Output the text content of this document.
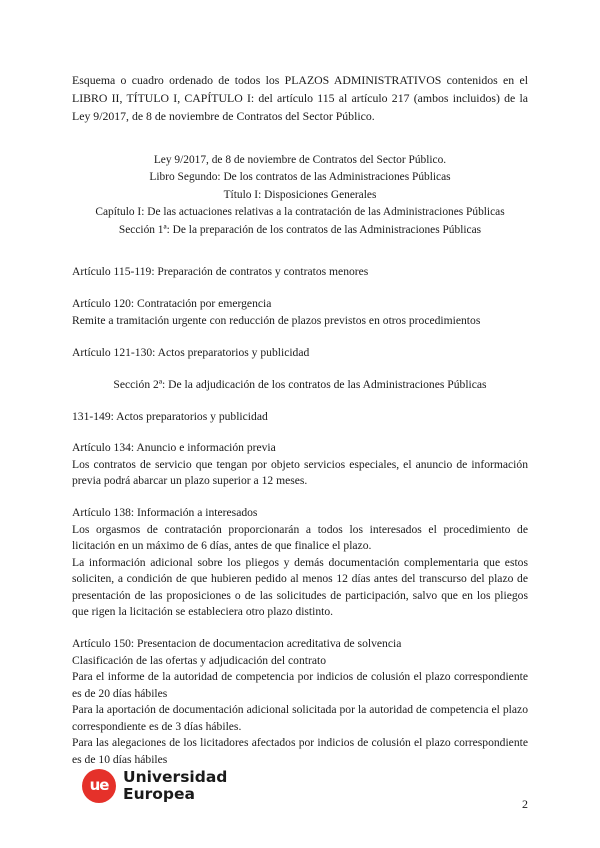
Esquema o cuadro ordenado de todos los PLAZOS ADMINISTRATIVOS contenidos en el LIBRO II, TÍTULO I, CAPÍTULO I: del artículo 115 al artículo 217 (ambos incluidos) de la Ley 9/2017, de 8 de noviembre de Contratos del Sector Público.
Ley 9/2017, de 8 de noviembre de Contratos del Sector Público.
Libro Segundo: De los contratos de las Administraciones Públicas
Título I: Disposiciones Generales
Capítulo I: De las actuaciones relativas a la contratación de las Administraciones Públicas
Sección 1ª: De la preparación de los contratos de las Administraciones Públicas
Artículo 115-119: Preparación de contratos y contratos menores
Artículo 120: Contratación por emergencia
Remite a tramitación urgente con reducción de plazos previstos en otros procedimientos
Artículo 121-130: Actos preparatorios y publicidad
Sección 2ª: De la adjudicación de los contratos de las Administraciones Públicas
131-149: Actos preparatorios y publicidad
Artículo 134: Anuncio e información previa
Los contratos de servicio que tengan por objeto servicios especiales, el anuncio de información previa podrá abarcar un plazo superior a 12 meses.
Artículo 138: Información a interesados
Los orgasmos de contratación proporcionarán a todos los interesados el procedimiento de licitación en un máximo de 6 días, antes de que finalice el plazo.
La información adicional sobre los pliegos y demás documentación complementaria que estos soliciten, a condición de que hubieren pedido al menos 12 días antes del transcurso del plazo de presentación de las proposiciones o de las solicitudes de participación, salvo que en los pliegos que rigen la licitación se estableciera otro plazo distinto.
Artículo 150: Presentacion de documentacion acreditativa de solvencia
Clasificación de las ofertas y adjudicación del contrato
Para el informe de la autoridad de competencia por indicios de colusión el plazo correspondiente es de 20 días hábiles
Para la aportación de documentación adicional solicitada por la autoridad de competencia el plazo correspondiente es de 3 días hábiles.
Para las alegaciones de los licitadores afectados por indicios de colusión el plazo correspondiente es de 10 días hábiles
ue Universidad
Europea
2
